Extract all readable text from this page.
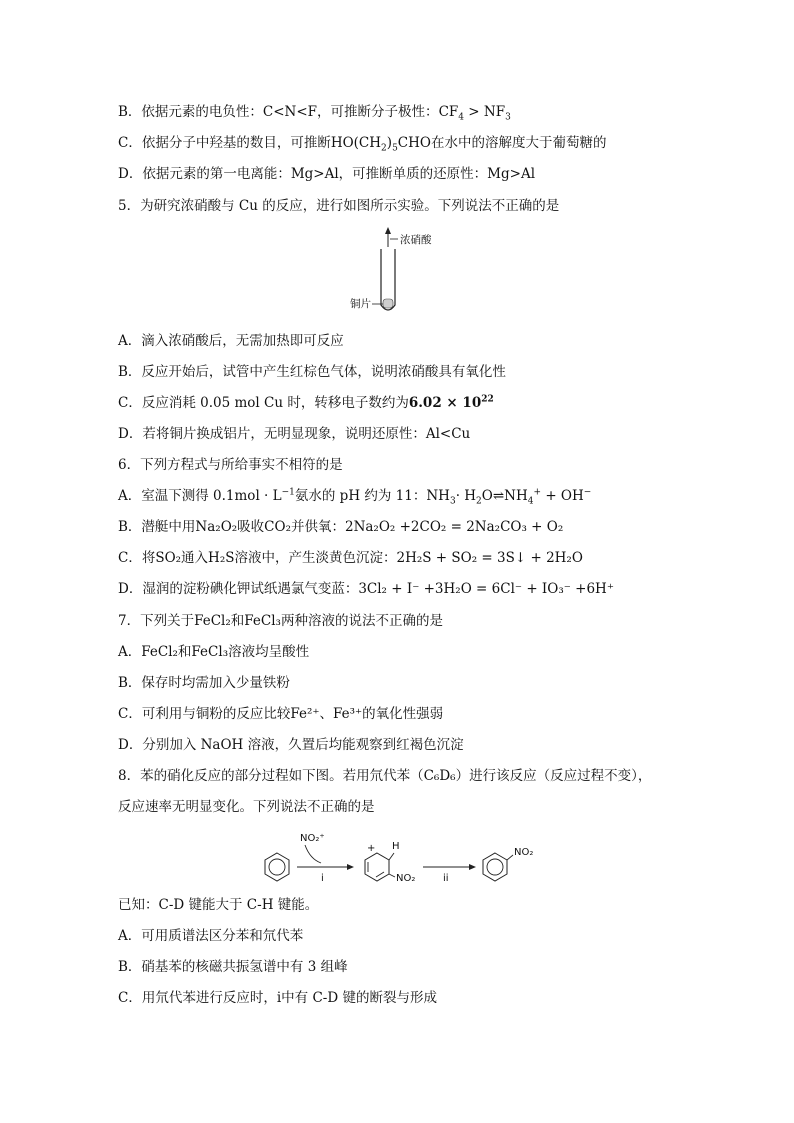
B．依据元素的电负性：C<N<F，可推断分子极性：$CF_4 > NF_3$
C．依据分子中羟基的数目，可推断$HO(CH_2)_5CHO$在水中的溶解度大于葡萄糖的
D．依据元素的第一电离能：Mg>Al，可推断单质的还原性：Mg>Al
5．为研究浓硝酸与 Cu 的反应，进行如图所示实验。下列说法不正确的是
浓硝酸
铜片
A．滴入浓硝酸后，无需加热即可反应
B．反应开始后，试管中产生红棕色气体，说明浓硝酸具有氧化性
C．反应消耗 0.05 mol Cu 时，转移电子数约为$6.02 \times 10^{22}$
D．若将铜片换成铝片，无明显现象，说明还原性：Al<Cu
6．下列方程式与所给事实不相符的是
A．室温下测得 $0.1mol \cdot L^{-1}$氨水的 pH 约为 11：$NH_3\cdot$ $H_2O\rightleftharpoons NH_4^+ + OH^-$
B．潜艇中用Na₂O₂吸收CO₂并供氧：2Na₂O₂ +2CO₂ = 2Na₂CO₃ + O₂
C．将SO₂通入H₂S溶液中，产生淡黄色沉淀：2H₂S + SO₂ = 3S↓ + 2H₂O
D．湿润的淀粉碘化钾试纸遇氯气变蓝：3Cl₂ + I⁻ +3H₂O = 6Cl⁻ + IO₃⁻ +6H⁺
7．下列关于FeCl₂和FeCl₃两种溶液的说法不正确的是
A．FeCl₂和FeCl₃溶液均呈酸性
B．保存时均需加入少量铁粉
C．可利用与铜粉的反应比较Fe²⁺、Fe³⁺的氧化性强弱
D．分别加入 NaOH 溶液，久置后均能观察到红褐色沉淀
8．苯的硝化反应的部分过程如下图。若用氘代苯（C₆D₆）进行该反应（反应过程不变），
反应速率无明显变化。下列说法不正确的是
NO₂⁺
i
+ H
NO₂	ii
NO₂
已知：C-D 键能大于 C-H 键能。
A．可用质谱法区分苯和氘代苯
B．硝基苯的核磁共振氢谱中有 3 组峰
C．用氘代苯进行反应时，ⅰ中有 C-D 键的断裂与形成
